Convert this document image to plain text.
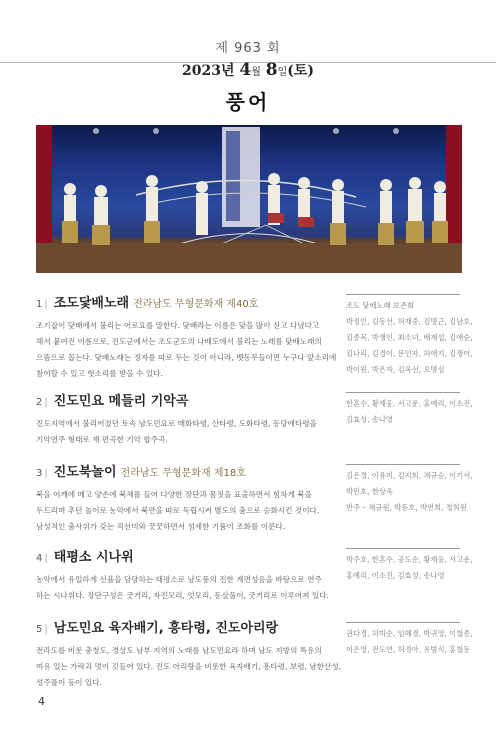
제 963 회
2023년 4월 8일(토)
풍어
1 | 조도닻배노래 전라남도 무형문화재 제40호
조기잡이 닻배에서 불리는 어로요를 말한다. 닻배라는 이름은 닻을 많이 싣고 다녔다고
해서 붙여진 이름으로, 진도군에서는 조도군도의 나배도에서 불리는 노래를 닻배노래의
으뜸으로 꼽는다. 닻배노래는 정자를 따로 두는 것이 아니라, 뱃동무들이면 누구나 앞소리에
참여할 수 있고 헛소리를 받을 수 있다.
조도 닻배노래 보존회
박정인, 김동선, 허재중, 김명근, 김남호,
김종목, 박쟁인, 최소녀, 배재섭, 김애순,
김나리, 김경이, 문인자, 허애지, 김쟁이,
박이원, 박은자, 김옥선, 오명심
2 | 진도민요 메들리 기악곡
진도지역에서 불리어졌던 토속 남도민요로 매화타령, 산타령, 도화타령, 동당애타령을
기악연주 형태로 재 편곡한 기악 합주곡.
한혼수, 황재웅, 서고운, 홍예리, 이소진,
김효성, 송나영
3 | 진도북놀이 전라남도 무형문화재 제18호
북을 어깨에 메고 양손에 북채를 들어 다양한 장단과 몸짓을 표출하면서 힘차게 북을
두드리며 추던 놀이로 농악에서 북만을 따로 독립시켜 별도의 춤으로 승화시킨 것이다.
남성적인 춤사위가 갖는 직선미와 꿋꿋하면서 섬세한 기품이 조화를 이룬다.
김은경, 이유미, 김지희, 채규승, 이기서,
박민호, 한상욱
반주 – 채규원, 박동호, 박연희, 정희원
4 | 태평소 시나위
농악에서 유일하게 선율을 담당하는 태평소로 남도풍의 진한 계면성음을 바탕으로 연주
하는 시나위다. 장단구성은 굿거리, 자진모리, 엇모리, 동살풀이, 굿거리로 이루어져 있다.
박주호, 한혼수, 공도순, 황재웅, 서고운,
홍예리, 이소진, 김효성, 송나영
5 | 남도민요 육자배기, 흥타령, 진도아리랑
전라도를 비롯 충청도, 경상도 남부 지역의 노래를 남도민요라 하며 남도 지방의 특유의
여유 있는 가락과 멋이 깃들어 있다. 진도 아리랑을 비롯한 육자배기, 흥타령, 보렴, 남한산성,
성주풀이 등이 있다.
권다경, 허미순, 임혜경, 박귀영, 이철종,
이은영, 전도연, 허경아, 유범식, 홍철동
4
